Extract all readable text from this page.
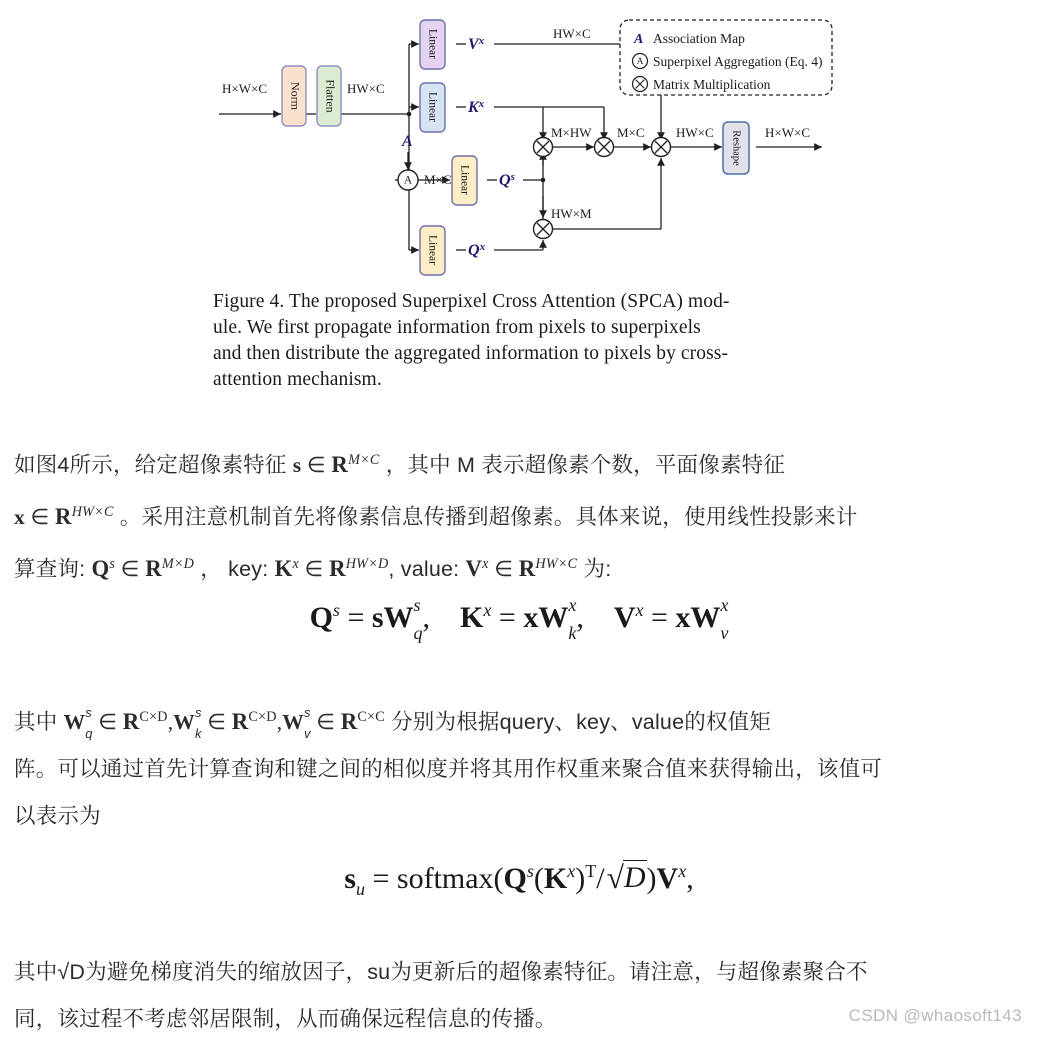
Norm Flatten
Linear
Linear
Linear
Linear
Reshape
A
H×W×C	HW×C
HW×C
M×C
M×HW M×C HW×C
HW×M
H×W×C
$V^x$
$K^x$
$Q^s$
$Q^x$
A
A Association Map
A Superpixel Aggregation (Eq. 4)
Matrix Multiplication
Figure 4. The proposed Superpixel Cross Attention (SPCA) mod-
ule. We first propagate information from pixels to superpixels
and then distribute the aggregated information to pixels by cross-
attention mechanism.
如图4所示，给定超像素特征 s ∈ $R^{M\times C}$ ，其中 M 表示超像素个数，平面像素特征
x ∈ $R^{HW\times C}$ 。采用注意机制首先将像素信息传播到超像素。具体来说，使用线性投影来计
算查询: $Q^s$ ∈ $R^{M\times D}$ ， key: $K^x$ ∈ $R^{HW\times D}$, value: $V^x$ ∈ $R^{HW\times C}$ 为:
$Q^s$ = sW s
q , $K^x$ = xW x
k , $V^x$ = xW x
v
其中 W s
q ∈ $R^{C\times D},W$ s
k ∈ $R^{C\times D},W$ s
v ∈ $R^{C\times C}$ 分别为根据query、key、value的权值矩
阵。可以通过首先计算查询和键之间的相似度并将其用作权重来聚合值来获得输出，该值可
以表示为
$s_u$ = $softmax(Q^s(K^x)^T/√D)V^x$,
其中√D为避免梯度消失的缩放因子，su为更新后的超像素特征。请注意，与超像素聚合不
同，该过程不考虑邻居限制，从而确保远程信息的传播。	CSDN @whaosoft143
